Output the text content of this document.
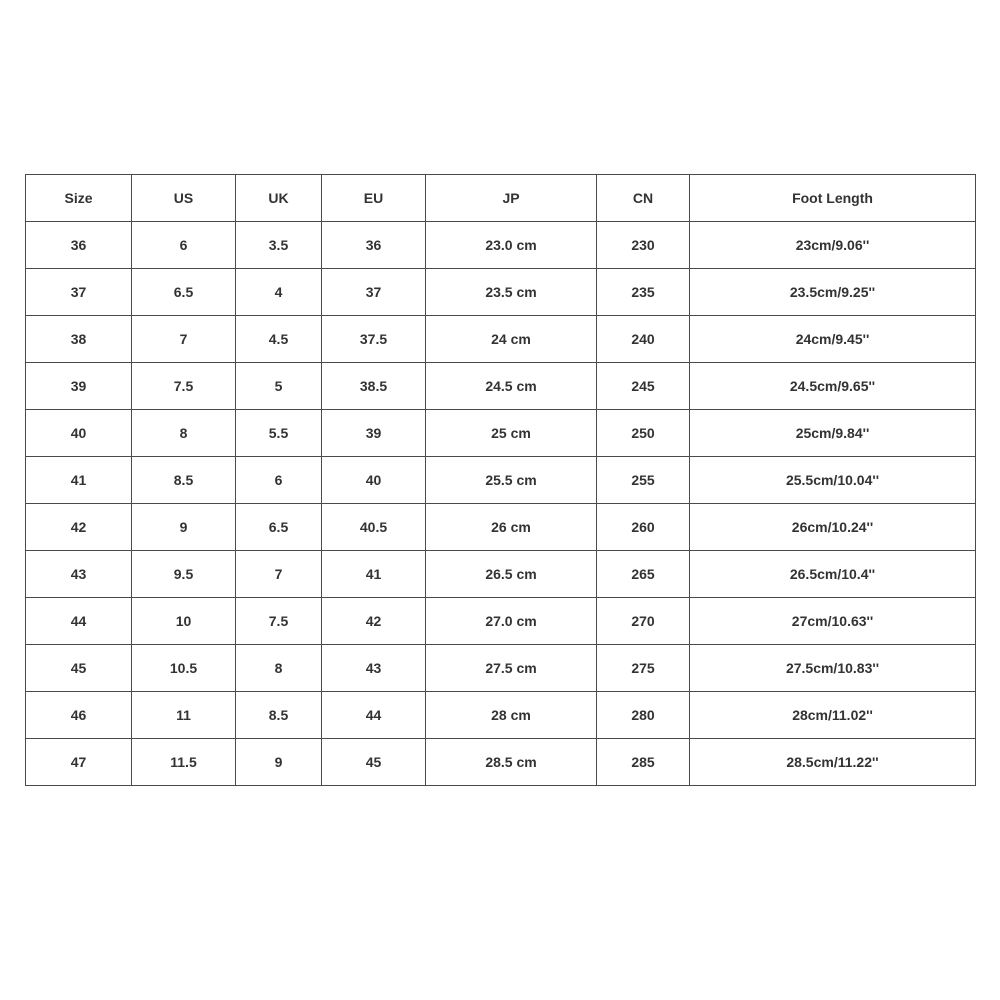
Size	US	UK	EU	JP	CN	Foot Length
36	6	3.5	36	23.0 cm	230	23cm/9.06''
37	6.5	4	37	23.5 cm	235	23.5cm/9.25''
38	7	4.5	37.5	24 cm	240	24cm/9.45''
39	7.5	5	38.5	24.5 cm	245	24.5cm/9.65''
40	8	5.5	39	25 cm	250	25cm/9.84''
41	8.5	6	40	25.5 cm	255	25.5cm/10.04''
42	9	6.5	40.5	26 cm	260	26cm/10.24''
43	9.5	7	41	26.5 cm	265	26.5cm/10.4''
44	10	7.5	42	27.0 cm	270	27cm/10.63''
45	10.5	8	43	27.5 cm	275	27.5cm/10.83''
46	11	8.5	44	28 cm	280	28cm/11.02''
47	11.5	9	45	28.5 cm	285	28.5cm/11.22''
